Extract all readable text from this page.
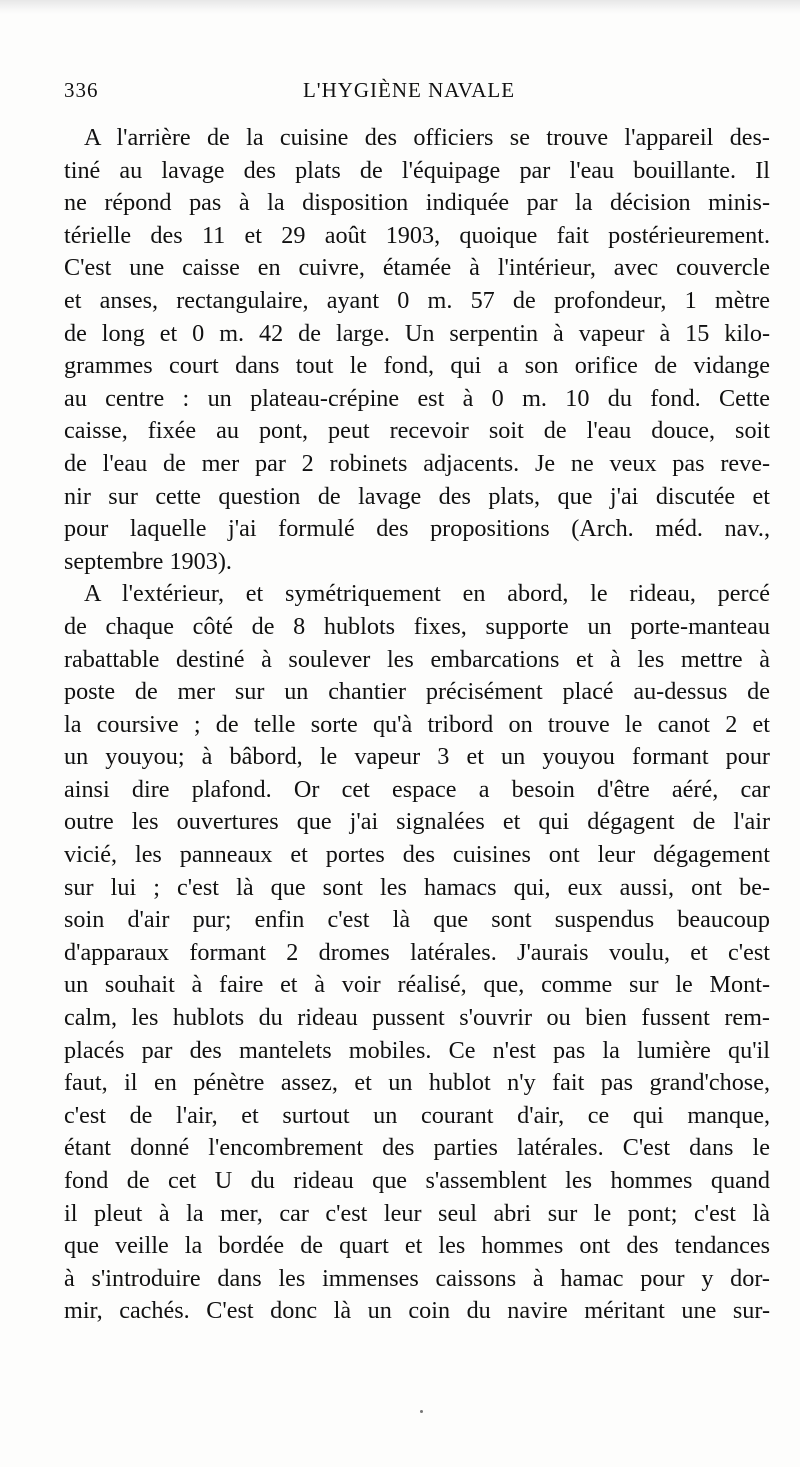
336	L'HYGIÈNE NAVALE
A l'arrière de la cuisine des officiers se trouve l'appareil des-
tiné au lavage des plats de l'équipage par l'eau bouillante. Il
ne répond pas à la disposition indiquée par la décision minis-
térielle des 11 et 29 août 1903, quoique fait postérieurement.
C'est une caisse en cuivre, étamée à l'intérieur, avec couvercle
et anses, rectangulaire, ayant 0 m. 57 de profondeur, 1 mètre
de long et 0 m. 42 de large. Un serpentin à vapeur à 15 kilo-
grammes court dans tout le fond, qui a son orifice de vidange
au centre : un plateau-crépine est à 0 m. 10 du fond. Cette
caisse, fixée au pont, peut recevoir soit de l'eau douce, soit
de l'eau de mer par 2 robinets adjacents. Je ne veux pas reve-
nir sur cette question de lavage des plats, que j'ai discutée et
pour laquelle j'ai formulé des propositions (Arch. méd. nav.,
septembre 1903).
A l'extérieur, et symétriquement en abord, le rideau, percé
de chaque côté de 8 hublots fixes, supporte un porte-manteau
rabattable destiné à soulever les embarcations et à les mettre à
poste de mer sur un chantier précisément placé au-dessus de
la coursive ; de telle sorte qu'à tribord on trouve le canot 2 et
un youyou; à bâbord, le vapeur 3 et un youyou formant pour
ainsi dire plafond. Or cet espace a besoin d'être aéré, car
outre les ouvertures que j'ai signalées et qui dégagent de l'air
vicié, les panneaux et portes des cuisines ont leur dégagement
sur lui ; c'est là que sont les hamacs qui, eux aussi, ont be-
soin d'air pur; enfin c'est là que sont suspendus beaucoup
d'apparaux formant 2 dromes latérales. J'aurais voulu, et c'est
un souhait à faire et à voir réalisé, que, comme sur le Mont-
calm, les hublots du rideau pussent s'ouvrir ou bien fussent rem-
placés par des mantelets mobiles. Ce n'est pas la lumière qu'il
faut, il en pénètre assez, et un hublot n'y fait pas grand'chose,
c'est de l'air, et surtout un courant d'air, ce qui manque,
étant donné l'encombrement des parties latérales. C'est dans le
fond de cet U du rideau que s'assemblent les hommes quand
il pleut à la mer, car c'est leur seul abri sur le pont; c'est là
que veille la bordée de quart et les hommes ont des tendances
à s'introduire dans les immenses caissons à hamac pour y dor-
mir, cachés. C'est donc là un coin du navire méritant une sur-
